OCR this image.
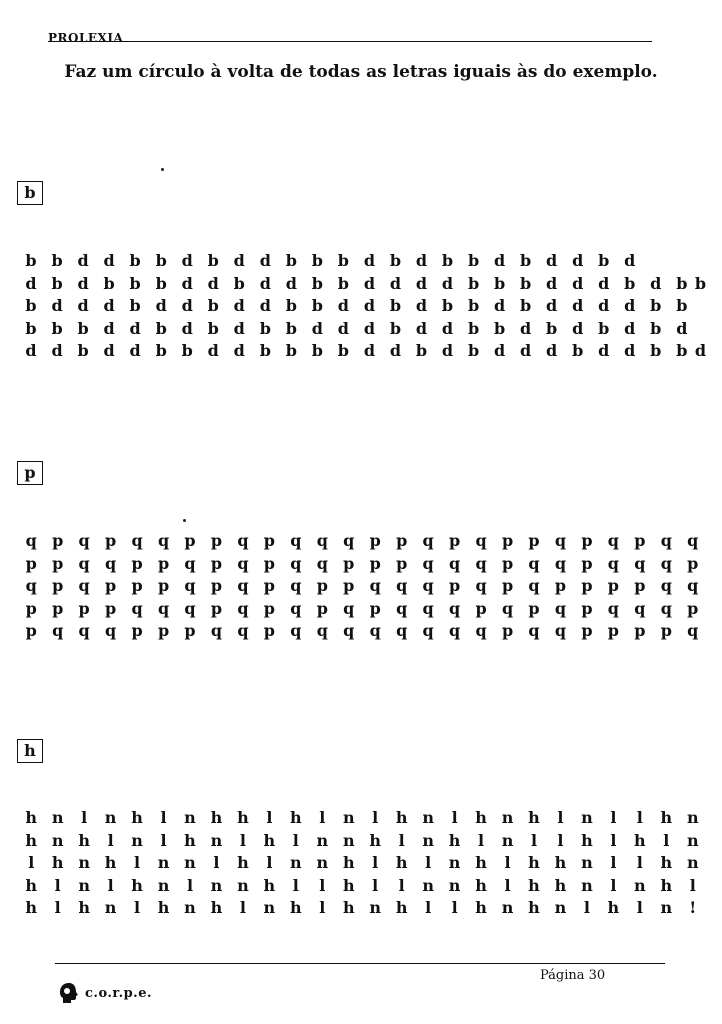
PROLEXIA
Faz um círculo à volta de todas as letras iguais às do exemplo.
b
b b d d b b d b d d b b b d b d b b d b d d b d
d b d b b b d d b d d b b d d d d b b b d d d b d b b
b d d d b d d b d d b b d d b d b b d b d d d d b b
b b b d d b d b d b b d d d b d d b b d b d b d b d
d d b d d b b d d b b b b d d b d b d d d b d d b b d
p
q p q p q q p p q p q q q p p q p q p p q p q p q q
p p q q p p q p q p q q p p p q q q p q q p q q q p
q p q p p p q p q p q p p q q q p q p q p p p p q q
p p p p q q q p q p q p q p q q q p q p q p q q q p
p q q q p p p q q p q q q q q q q q p q q p p p p q
h
h n	l	n h	l	n h h	l	h	l	n	l	h n	l	h n h	l	n	l	l	h n
h n h	l	n	l	h n	l	h	l	n n h	l	n h	l	n	l	l	h	l	h	l	n
l	h n h	l	n n	l	h	l	n n h	l	h	l	n h	l	h h n	l	l	h n
h	l	n	l	h n	l	n n h	l	l	h	l	l	n n h	l	h h n	l	n h	l
h	l	h n	l	h n h	l	n h	l	h n h	l	l	h n h n	l	h	l	n	!
Página 30
c.o.r.p.e.
